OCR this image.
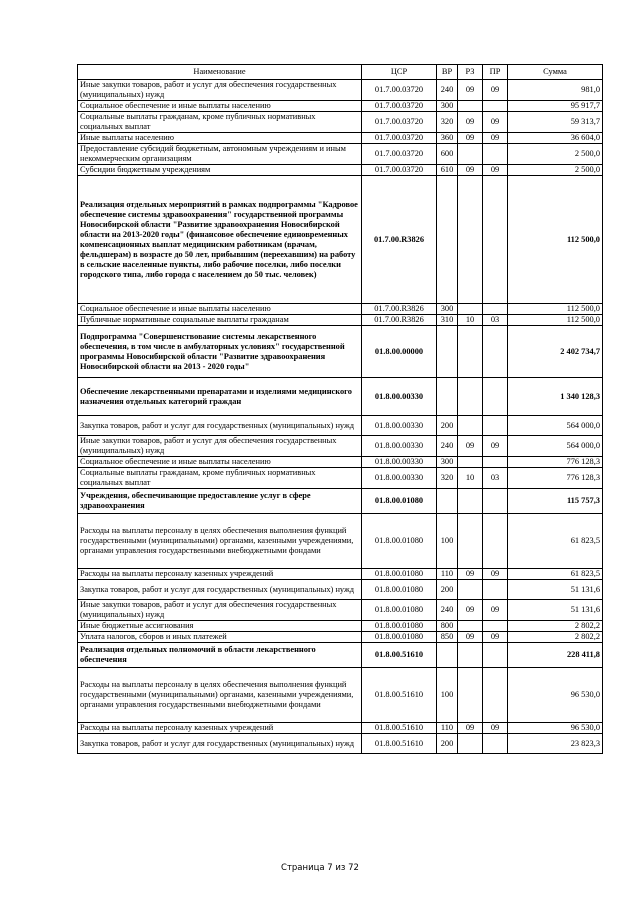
Наименование	ЦСР	ВР	РЗ	ПР	Сумма
Иные закупки товаров, работ и услуг для обеспечения государственных (муниципальных) нужд	01.7.00.03720	240	09	09	981,0
Социальное обеспечение и иные выплаты населению	01.7.00.03720	300			95 917,7
Социальные выплаты гражданам, кроме публичных нормативных социальных выплат	01.7.00.03720	320	09	09	59 313,7
Иные выплаты населению	01.7.00.03720	360	09	09	36 604,0
Предоставление субсидий бюджетным, автономным учреждениям и иным некоммерческим организациям	01.7.00.03720	600			2 500,0
Субсидии бюджетным учреждениям	01.7.00.03720	610	09	09	2 500,0
Реализация отдельных мероприятий в рамках подпрограммы "Кадровое обеспечение системы здравоохранения" государственной программы Новосибирской области "Развитие здравоохранения Новосибирской области на 2013-2020 годы" (финансовое обеспечение единовременных компенсационных выплат медицинским работникам (врачам, фельдшерам) в возрасте до 50 лет, прибывшим (переехавшим) на работу в сельские населенные пункты, либо рабочие поселки, либо поселки городского типа, либо города с населением до 50 тыс. человек)	01.7.00.R3826				112 500,0
Социальное обеспечение и иные выплаты населению	01.7.00.R3826	300			112 500,0
Публичные нормативные социальные выплаты гражданам	01.7.00.R3826	310	10	03	112 500,0
Подпрограмма "Совершенствование системы лекарственного обеспечения, в том числе в амбулаторных условиях" государственной программы Новосибирской области "Развитие здравоохранения Новосибирской области на 2013 - 2020 годы"	01.8.00.00000				2 402 734,7
Обеспечение лекарственными препаратами и изделиями медицинского назначения отдельных категорий граждан	01.8.00.00330				1 340 128,3
Закупка товаров, работ и услуг для государственных (муниципальных) нужд	01.8.00.00330	200			564 000,0
Иные закупки товаров, работ и услуг для обеспечения государственных (муниципальных) нужд	01.8.00.00330	240	09	09	564 000,0
Социальное обеспечение и иные выплаты населению	01.8.00.00330	300			776 128,3
Социальные выплаты гражданам, кроме публичных нормативных социальных выплат	01.8.00.00330	320	10	03	776 128,3
Учреждения, обеспечивающие предоставление услуг в сфере здравоохранения	01.8.00.01080				115 757,3
Расходы на выплаты персоналу в целях обеспечения выполнения функций государственными (муниципальными) органами, казенными учреждениями, органами управления государственными внебюджетными фондами	01.8.00.01080	100			61 823,5
Расходы на выплаты персоналу казенных учреждений	01.8.00.01080	110	09	09	61 823,5
Закупка товаров, работ и услуг для государственных (муниципальных) нужд	01.8.00.01080	200			51 131,6
Иные закупки товаров, работ и услуг для обеспечения государственных (муниципальных) нужд	01.8.00.01080	240	09	09	51 131,6
Иные бюджетные ассигнования	01.8.00.01080	800			2 802,2
Уплата налогов, сборов и иных платежей	01.8.00.01080	850	09	09	2 802,2
Реализация отдельных полномочий в области лекарственного обеспечения	01.8.00.51610				228 411,8
Расходы на выплаты персоналу в целях обеспечения выполнения функций государственными (муниципальными) органами, казенными учреждениями, органами управления государственными внебюджетными фондами	01.8.00.51610	100			96 530,0
Расходы на выплаты персоналу казенных учреждений	01.8.00.51610	110	09	09	96 530,0
Закупка товаров, работ и услуг для государственных (муниципальных) нужд	01.8.00.51610	200			23 823,3
Страница 7 из 72
